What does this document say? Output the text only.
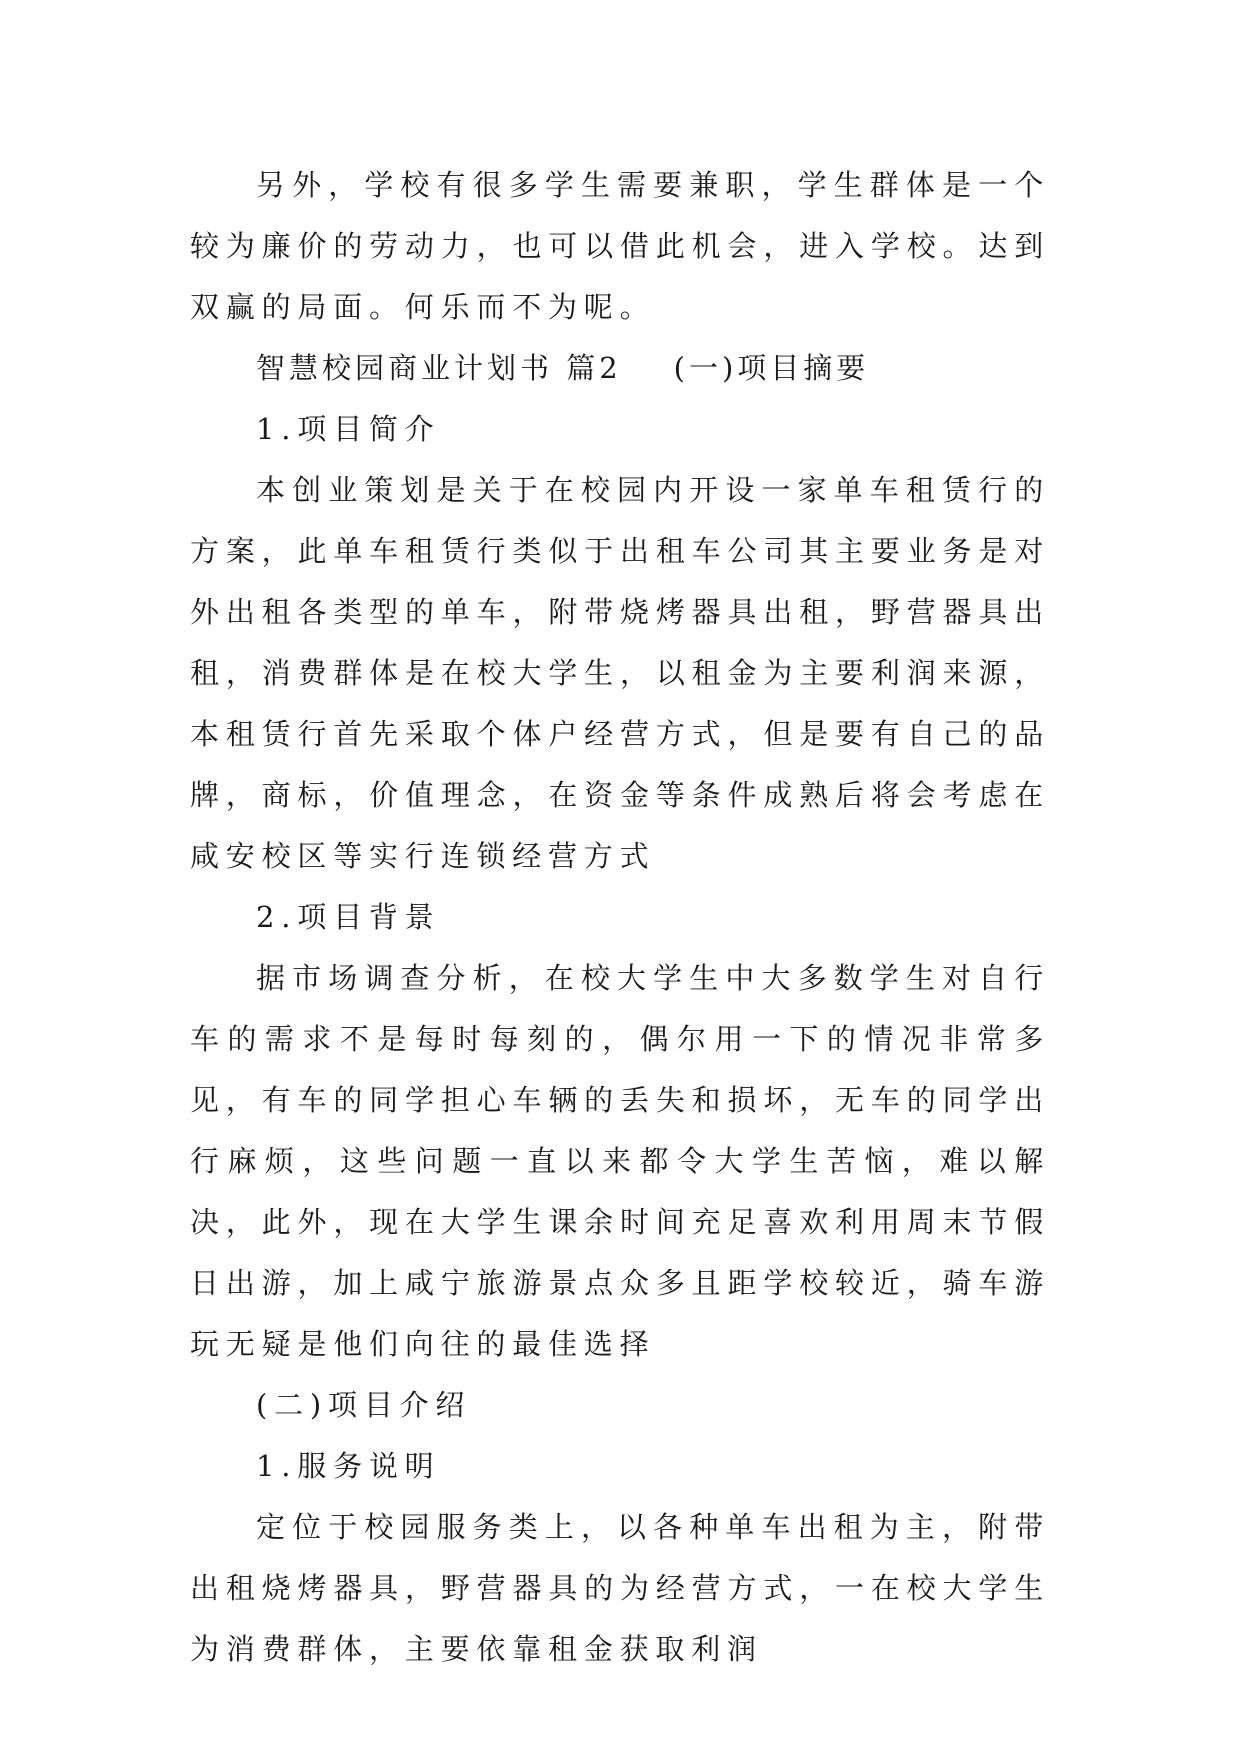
另外，学校有很多学生需要兼职，学生群体是一个较为廉价的劳动力，也可以借此机会，进入学校。达到双赢的局面。何乐而不为呢。
智慧校园商业计划书 篇2 (一)项目摘要
1.项目简介
本创业策划是关于在校园内开设一家单车租赁行的方案，此单车租赁行类似于出租车公司其主要业务是对外出租各类型的单车，附带烧烤器具出租，野营器具出租，消费群体是在校大学生，以租金为主要利润来源，本租赁行首先采取个体户经营方式，但是要有自己的品牌，商标，价值理念，在资金等条件成熟后将会考虑在咸安校区等实行连锁经营方式
2.项目背景
据市场调查分析，在校大学生中大多数学生对自行车的需求不是每时每刻的，偶尔用一下的情况非常多见，有车的同学担心车辆的丢失和损坏，无车的同学出行麻烦，这些问题一直以来都令大学生苦恼，难以解决，此外，现在大学生课余时间充足喜欢利用周末节假日出游，加上咸宁旅游景点众多且距学校较近，骑车游玩无疑是他们向往的最佳选择
(二)项目介绍
1.服务说明
定位于校园服务类上，以各种单车出租为主，附带出租烧烤器具，野营器具的为经营方式，一在校大学生为消费群体，主要依靠租金获取利润
